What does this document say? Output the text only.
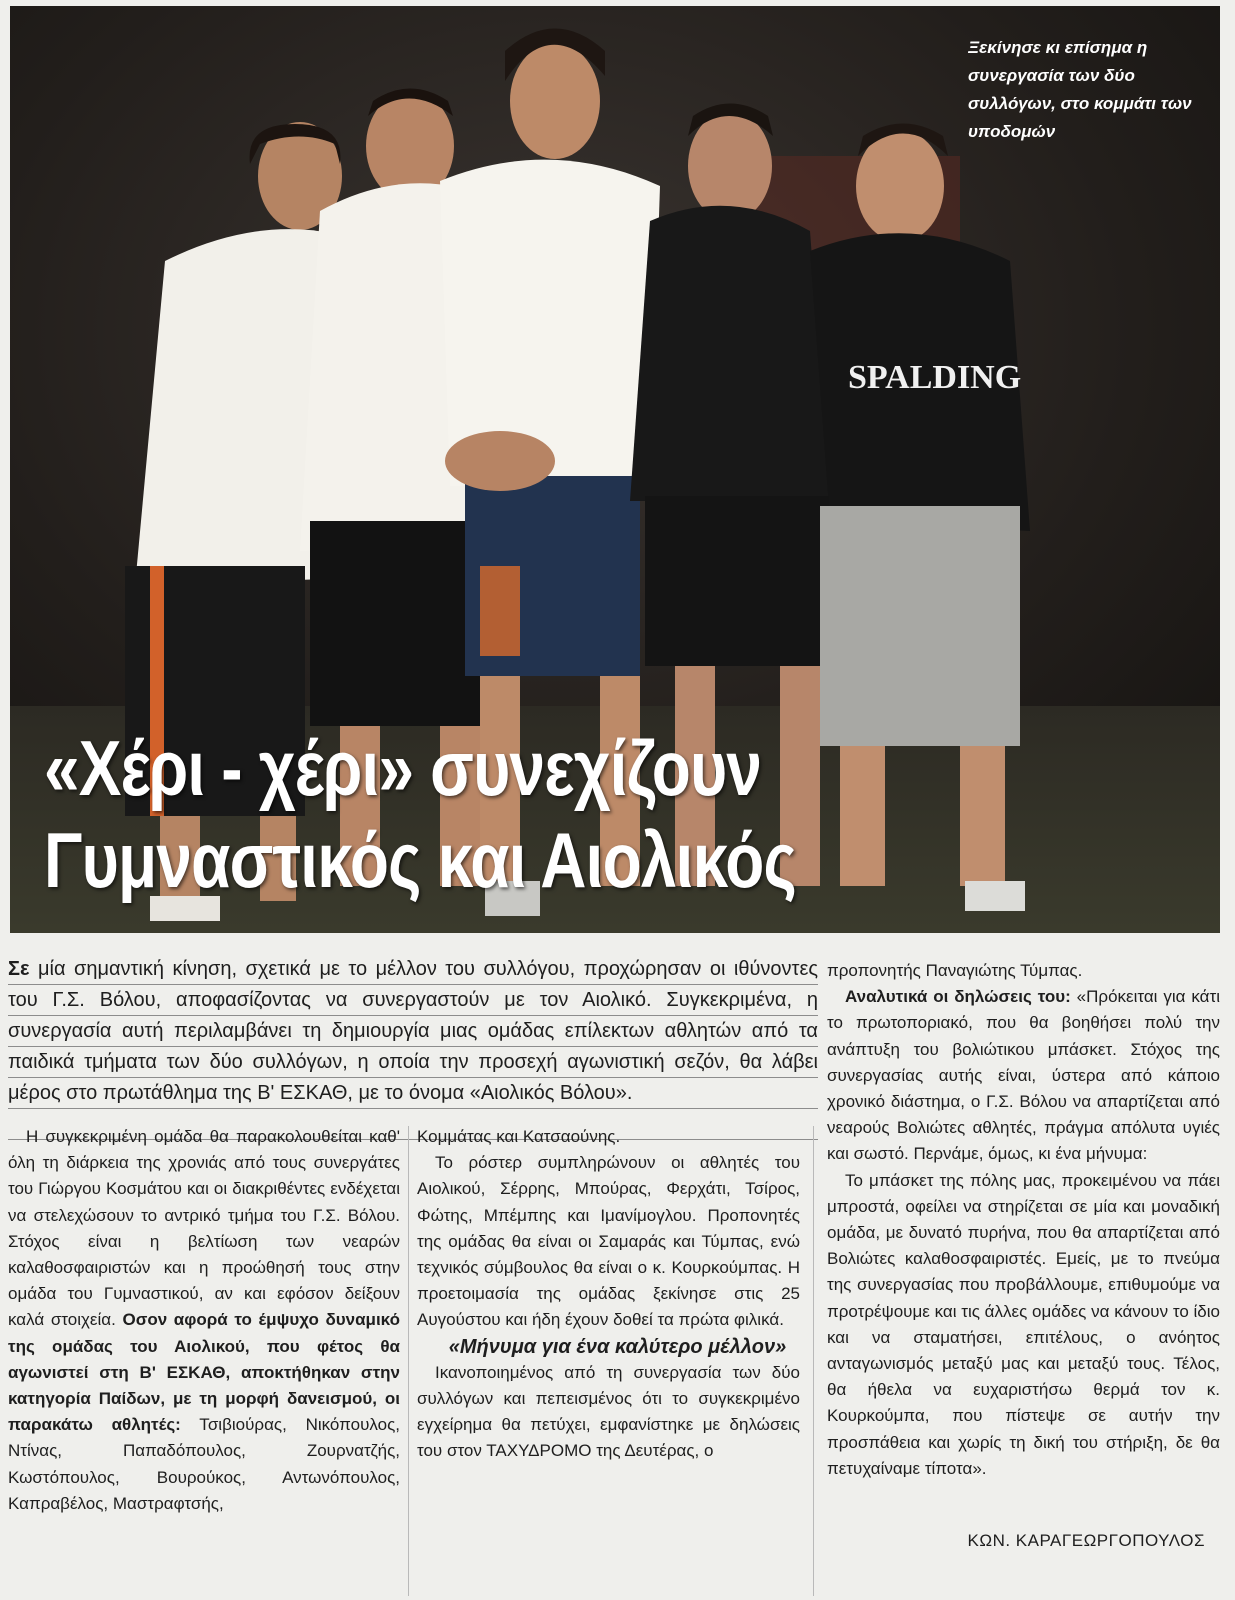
SPALDING
Ξεκίνησε κι επίσημα η συνεργασία των δύο συλλόγων, στο κομμάτι των υποδομών
«Χέρι - χέρι» συνεχίζουν
Γυμναστικός και Αιολικός

Σε μία σημαντική κίνηση, σχετικά με το μέλλον του συλλόγου, προχώρησαν οι ιθύνοντες του Γ.Σ. Βόλου, αποφασίζοντας να συνεργαστούν με τον Αιολικό. Συγκεκριμένα, η συνεργασία αυτή περιλαμβάνει τη δημιουργία μιας ομάδας επίλεκτων αθλητών από τα παιδικά τμήματα των δύο συλλόγων, η οποία την προσεχή αγωνιστική σεζόν, θα λάβει μέρος στο πρωτάθλημα της Β' ΕΣΚΑΘ, με το όνομα «Αιολικός Βόλου».

Η συγκεκριμένη ομάδα θα παρακολουθείται καθ' όλη τη διάρκεια της χρονιάς από τους συνεργάτες του Γιώργου Κοσμάτου και οι διακριθέντες ενδέχεται να στελεχώσουν το αντρικό τμήμα του Γ.Σ. Βόλου. Στόχος είναι η βελτίωση των νεαρών καλαθοσφαιριστών και η προώθησή τους στην ομάδα του Γυμναστικού, αν και εφόσον δείξουν καλά στοιχεία. Οσον αφορά το έμψυχο δυναμικό της ομάδας του Αιολικού, που φέτος θα αγωνιστεί στη Β' ΕΣΚΑΘ, αποκτήθηκαν στην κατηγορία Παίδων, με τη μορφή δανεισμού, οι παρακάτω αθλητές: Τσιβιούρας, Νικόπουλος, Ντίνας, Παπαδόπουλος, Ζουρνατζής, Κωστόπουλος, Βουρούκος, Αντωνόπουλος, Καπραβέλος, Μαστραφτσής,

Κομμάτας και Κατσαούνης.

Το ρόστερ συμπληρώνουν οι αθλητές του Αιολικού, Σέρρης, Μπούρας, Φερχάτι, Τσίρος, Φώτης, Μπέμπης και Ιμανίμογλου. Προπονητές της ομάδας θα είναι οι Σαμαράς και Τύμπας, ενώ τεχνικός σύμβουλος θα είναι ο κ. Κουρκούμπας. Η προετοιμασία της ομάδας ξεκίνησε στις 25 Αυγούστου και ήδη έχουν δοθεί τα πρώτα φιλικά.

«Μήνυμα για ένα καλύτερο μέλλον»

Ικανοποιημένος από τη συνεργασία των δύο συλλόγων και πεπεισμένος ότι το συγκεκριμένο εγχείρημα θα πετύχει, εμφανίστηκε με δηλώσεις του στον ΤΑΧΥΔΡΟΜΟ της Δευτέρας, ο

προπονητής Παναγιώτης Τύμπας.

Αναλυτικά οι δηλώσεις του: «Πρόκειται για κάτι το πρωτοποριακό, που θα βοηθήσει πολύ την ανάπτυξη του βολιώτικου μπάσκετ. Στόχος της συνεργασίας αυτής είναι, ύστερα από κάποιο χρονικό διάστημα, ο Γ.Σ. Βόλου να απαρτίζεται από νεαρούς Βολιώτες αθλητές, πράγμα απόλυτα υγιές και σωστό. Περνάμε, όμως, κι ένα μήνυμα:

Το μπάσκετ της πόλης μας, προκειμένου να πάει μπροστά, οφείλει να στηρίζεται σε μία και μοναδική ομάδα, με δυνατό πυρήνα, που θα απαρτίζεται από Βολιώτες καλαθοσφαιριστές. Εμείς, με το πνεύμα της συνεργασίας που προβάλλουμε, επιθυμούμε να προτρέψουμε και τις άλλες ομάδες να κάνουν το ίδιο και να σταματήσει, επιτέλους, ο ανόητος ανταγωνισμός μεταξύ μας και μεταξύ τους. Τέλος, θα ήθελα να ευχαριστήσω θερμά τον κ. Κουρκούμπα, που πίστεψε σε αυτήν την προσπάθεια και χωρίς τη δική του στήριξη, δε θα πετυχαίναμε τίποτα».

ΚΩΝ. ΚΑΡΑΓΕΩΡΓΟΠΟΥΛΟΣ
